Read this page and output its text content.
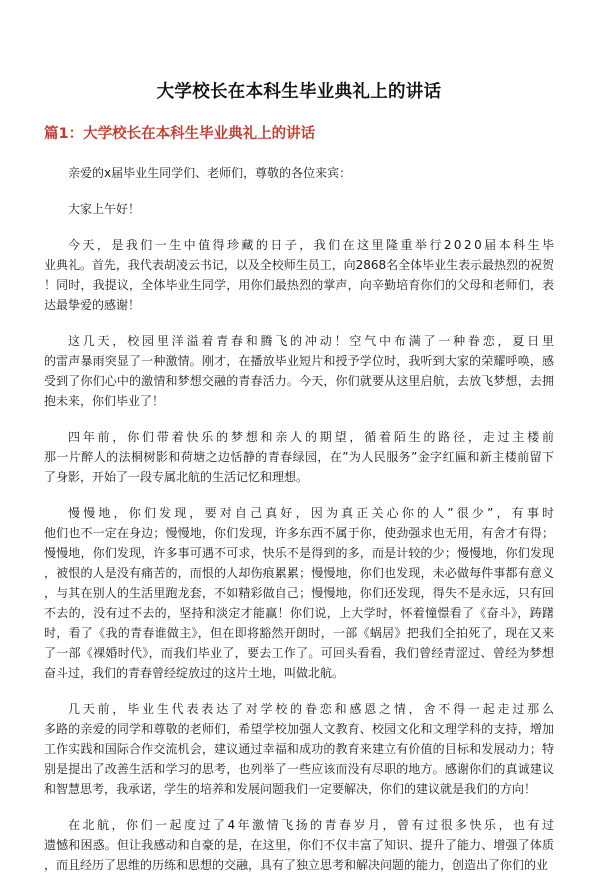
大学校长在本科生毕业典礼上的讲话
篇1：大学校长在本科生毕业典礼上的讲话
亲爱的x届毕业生同学们、老师们，尊敬的各位来宾：
大家上午好！
今天，是我们一生中值得珍藏的日子，我们在这里隆重举行2020届本科生毕
业典礼。首先，我代表胡凌云书记，以及全校师生员工，向2868名全体毕业生表示最热烈的祝贺
！同时，我提议，全体毕业生同学，用你们最热烈的掌声，向辛勤培育你们的父母和老师们，表
达最挚爱的感谢！
这几天，校园里洋溢着青春和腾飞的冲动！空气中布满了一种眷恋，夏日里
的雷声暴雨突显了一种激情。刚才，在播放毕业短片和授予学位时，我听到大家的荣耀呼唤，感
受到了你们心中的激情和梦想交融的青春活力。今天，你们就要从这里启航，去放飞梦想，去拥
抱未来，你们毕业了！
四年前，你们带着快乐的梦想和亲人的期望，循着陌生的路径，走过主楼前
那一片醉人的法桐树影和荷塘之边恬静的青春绿园，在”为人民服务”金字红匾和新主楼前留下
了身影，开始了一段专属北航的生活记忆和理想。
慢慢地，你们发现，要对自己真好，因为真正关心你的人”很少”，有事时
他们也不一定在身边；慢慢地，你们发现，许多东西不属于你，使劲强求也无用，有舍才有得；
慢慢地，你们发现，许多事可遇不可求，快乐不是得到的多，而是计较的少；慢慢地，你们发现
，被恨的人是没有痛苦的，而恨的人却伤痕累累；慢慢地，你们也发现，未必做每件事都有意义
，与其在别人的生活里跑龙套，不如精彩做自己；慢慢地，你们还发现，得失不是永远，只有回
不去的，没有过不去的，坚持和淡定才能赢！你们说，上大学时，怀着憧憬看了《奋斗》，踌躇
时，看了《我的青春谁做主》，但在即将豁然开朗时，一部《蜗居》把我们全拍死了，现在又来
了一部《裸婚时代》，而我们毕业了，要去工作了。可回头看看，我们曾经青涩过、曾经为梦想
奋斗过，我们的青春曾经绽放过的这片土地，叫做北航。
几天前，毕业生代表表达了对学校的眷恋和感恩之情，舍不得一起走过那么
多路的亲爱的同学和尊敬的老师们，希望学校加强人文教育、校园文化和文理学科的支持，增加
工作实践和国际合作交流机会，建议通过幸福和成功的教育来建立有价值的目标和发展动力；特
别是提出了改善生活和学习的思考，也列举了一些应该而没有尽职的地方。感谢你们的真诚建议
和智慧思考，我承诺，学生的培养和发展问题我们一定要解决，你们的建议就是我们的方向！
在北航，你们一起度过了4年激情飞扬的青春岁月，曾有过很多快乐，也有过
遗憾和困惑。但让我感动和自豪的是，在这里，你们不仅丰富了知识、提升了能力、增强了体质
，而且经历了思维的历练和思想的交融，具有了独立思考和解决问题的能力，创造出了你们的业
